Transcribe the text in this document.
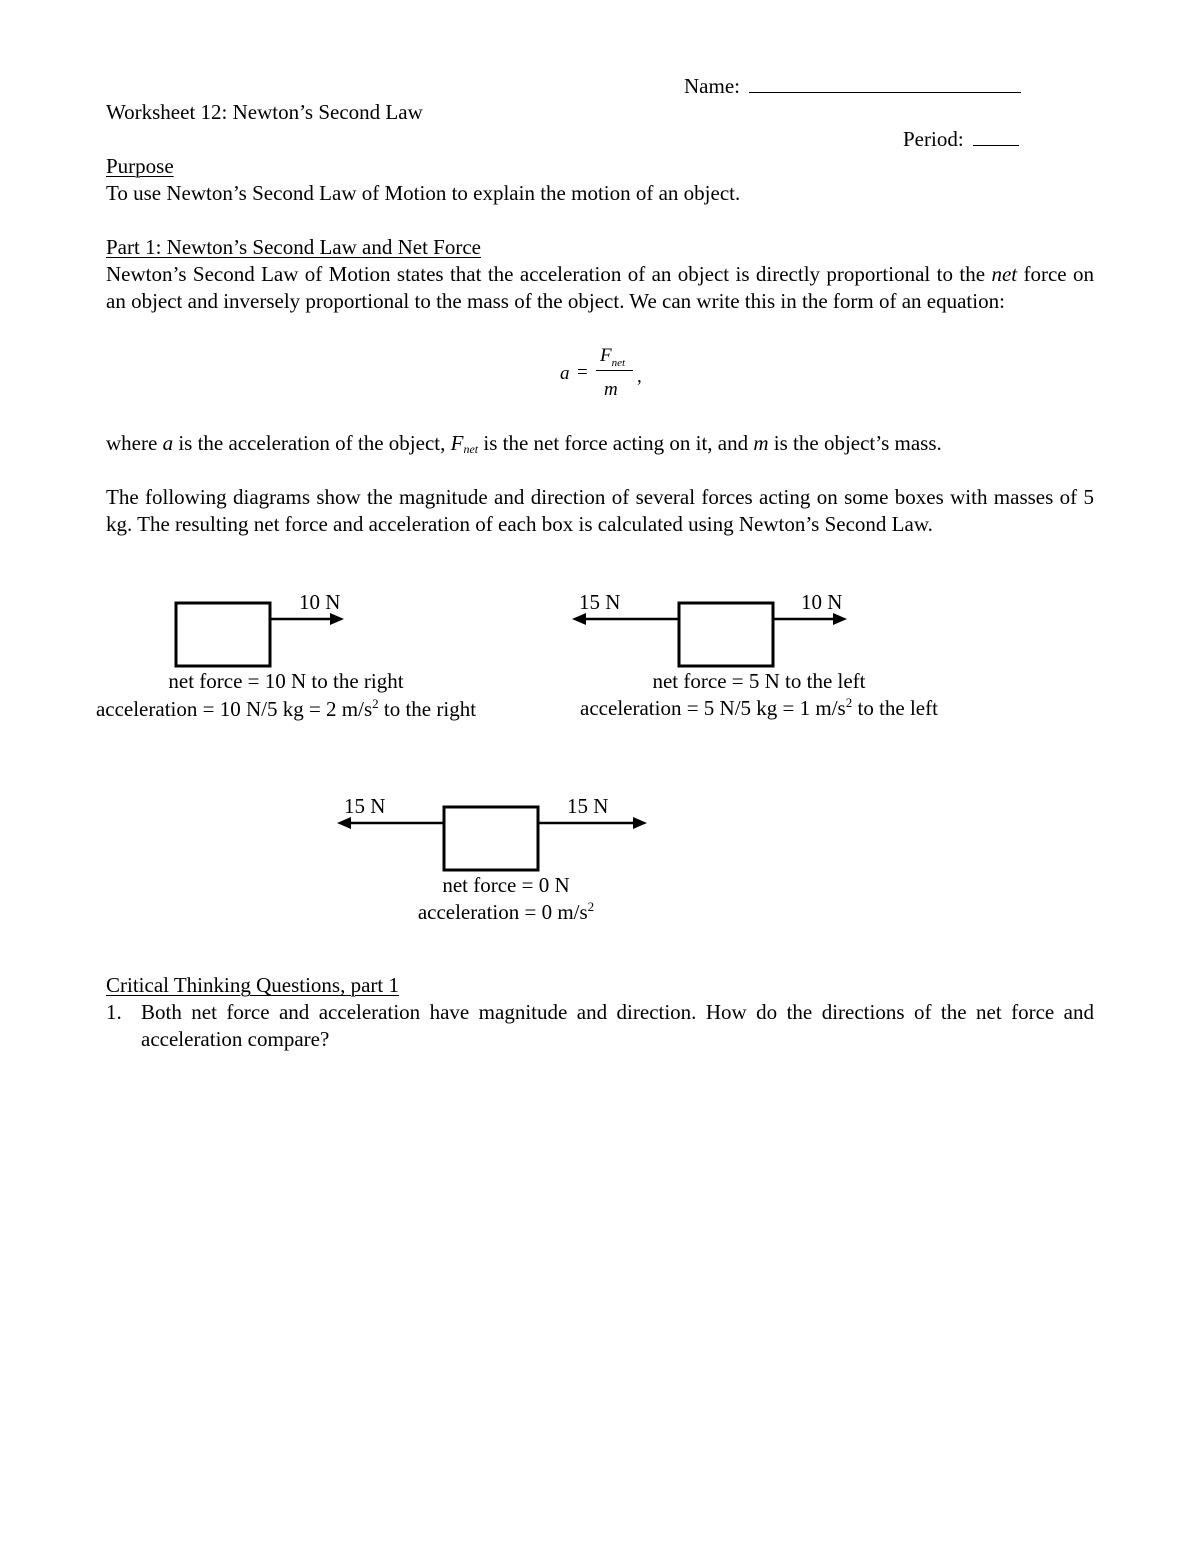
Name:
Worksheet 12: Newton’s Second Law
Period:
Purpose
To use Newton’s Second Law of Motion to explain the motion of an object.
Part 1: Newton’s Second Law and Net Force
Newton’s Second Law of Motion states that the acceleration of an object is directly proportional to the net force on an object and inversely proportional to the mass of the object. We can write this in the form of an equation:
a =
$F_{net}$
m
,
where a is the acceleration of the object, $F_{net}$ is the net force acting on it, and m is the object’s mass.
The following diagrams show the magnitude and direction of several forces acting on some boxes with masses of 5 kg. The resulting net force and acceleration of each box is calculated using Newton’s Second Law.
10 N
net force = 10 N to the right
acceleration = 10 N/5 kg = 2 $m/s^2$ to the right
15 N	10 N
net force = 5 N to the left
acceleration = 5 N/5 kg = 1 $m/s^2$ to the left
15 N	15 N
net force = 0 N
acceleration = 0 $m/s^2$
Critical Thinking Questions, part 1
1. Both net force and acceleration have magnitude and direction. How do the directions of the net force and acceleration compare?
